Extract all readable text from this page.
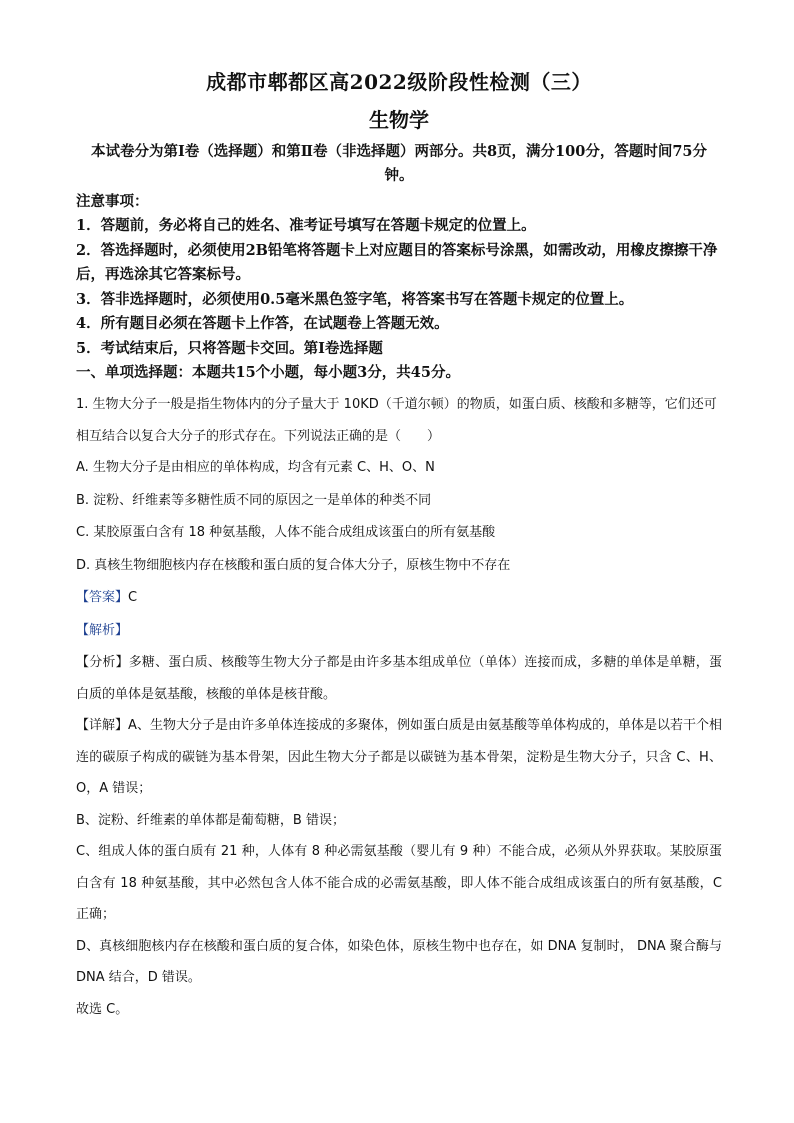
成都市郫都区高2022级阶段性检测（三）
生物学
本试卷分为第Ⅰ卷（选择题）和第Ⅱ卷（非选择题）两部分。共8页，满分100分，答题时间75分钟。
注意事项：
1．答题前，务必将自己的姓名、准考证号填写在答题卡规定的位置上。
2．答选择题时，必须使用2B铅笔将答题卡上对应题目的答案标号涂黑，如需改动，用橡皮擦擦干净后，再选涂其它答案标号。
3．答非选择题时，必须使用0.5毫米黑色签字笔，将答案书写在答题卡规定的位置上。
4．所有题目必须在答题卡上作答，在试题卷上答题无效。
5．考试结束后，只将答题卡交回。第Ⅰ卷选择题
一、单项选择题：本题共15个小题，每小题3分，共45分。
1. 生物大分子一般是指生物体内的分子量大于 10KD（千道尔顿）的物质，如蛋白质、核酸和多糖等，它们还可相互结合以复合大分子的形式存在。下列说法正确的是（　　）
A. 生物大分子是由相应的单体构成，均含有元素 C、H、O、N
B. 淀粉、纤维素等多糖性质不同的原因之一是单体的种类不同
C. 某胶原蛋白含有 18 种氨基酸，人体不能合成组成该蛋白的所有氨基酸
D. 真核生物细胞核内存在核酸和蛋白质的复合体大分子，原核生物中不存在
【答案】C
【解析】
【分析】多糖、蛋白质、核酸等生物大分子都是由许多基本组成单位（单体）连接而成，多糖的单体是单糖，蛋白质的单体是氨基酸，核酸的单体是核苷酸。
【详解】A、生物大分子是由许多单体连接成的多聚体，例如蛋白质是由氨基酸等单体构成的，单体是以若干个相连的碳原子构成的碳链为基本骨架，因此生物大分子都是以碳链为基本骨架，淀粉是生物大分子，只含 C、H、O，A 错误；
B、淀粉、纤维素的单体都是葡萄糖，B 错误；
C、组成人体的蛋白质有 21 种，人体有 8 种必需氨基酸（婴儿有 9 种）不能合成，必须从外界获取。某胶原蛋白含有 18 种氨基酸，其中必然包含人体不能合成的必需氨基酸，即人体不能合成组成该蛋白的所有氨基酸，C 正确；
D、真核细胞核内存在核酸和蛋白质的复合体，如染色体，原核生物中也存在，如 DNA 复制时， DNA 聚合酶与 DNA 结合，D 错误。
故选 C。
